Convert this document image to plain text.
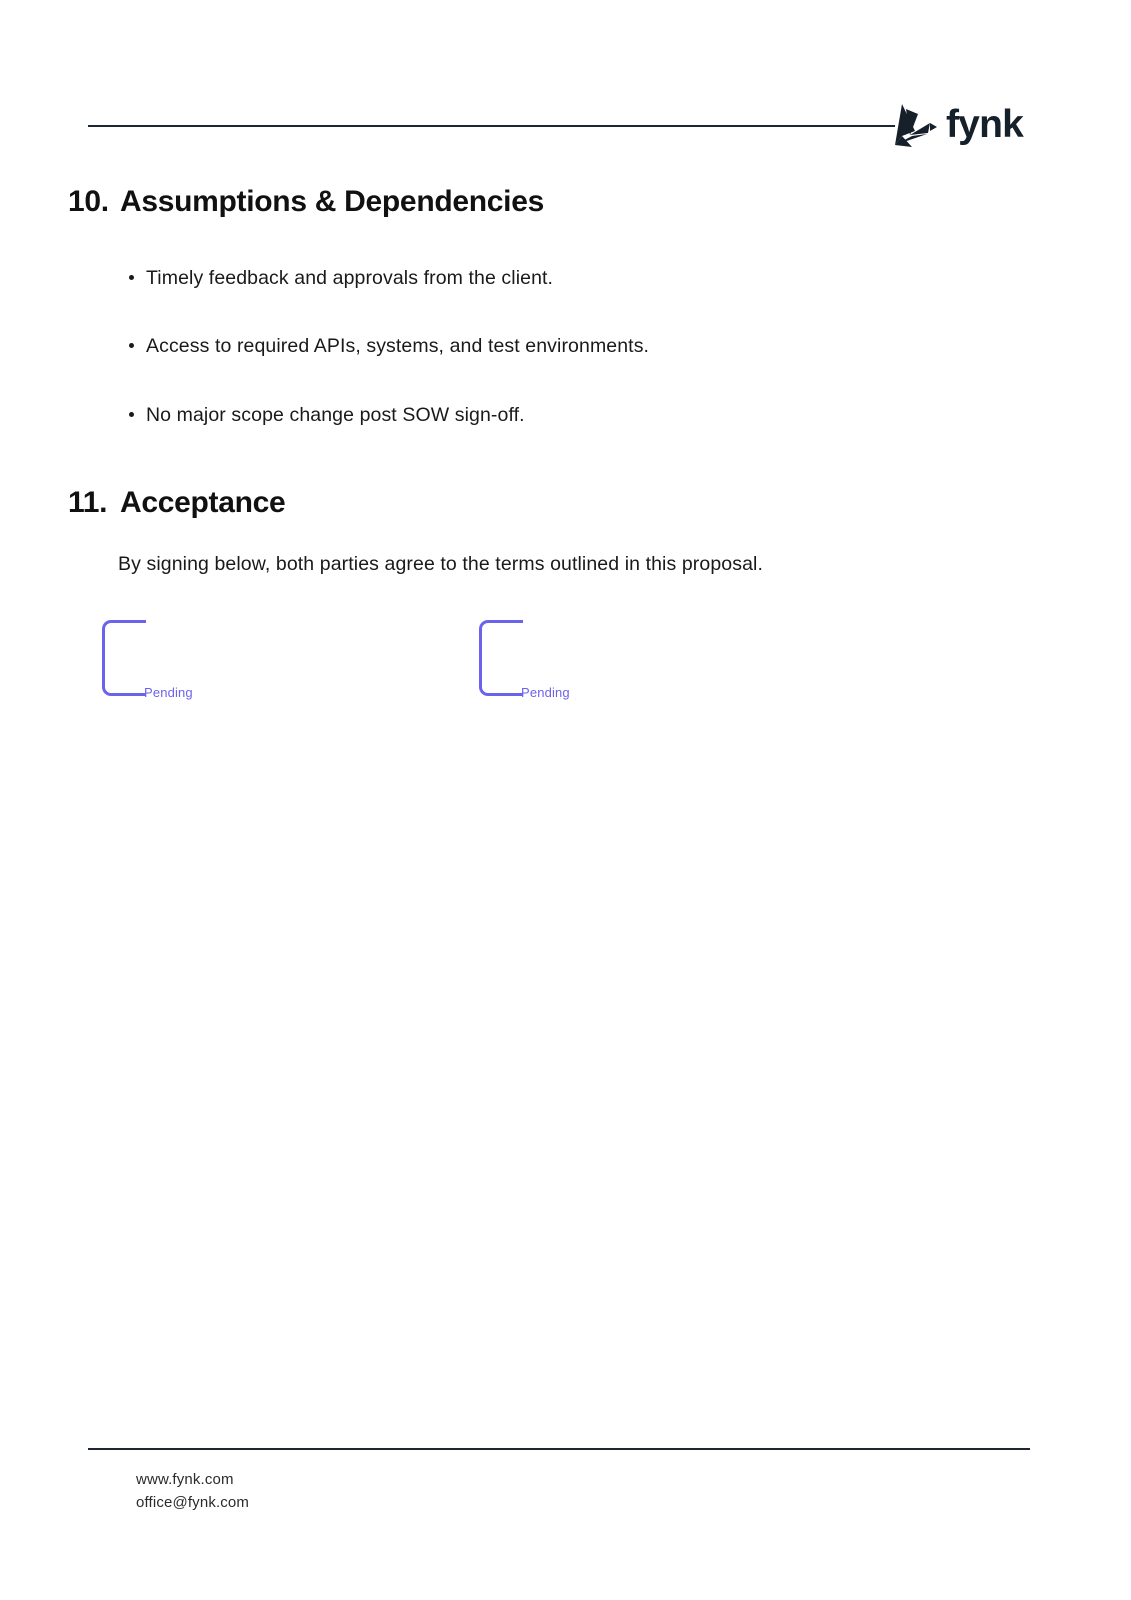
fynk
10. Assumptions & Dependencies
Timely feedback and approvals from the client.
Access to required APIs, systems, and test environments.
No major scope change post SOW sign-off.
11. Acceptance

By signing below, both parties agree to the terms outlined in this proposal.

Pending	Pending
www.fynk.com
office@fynk.com
